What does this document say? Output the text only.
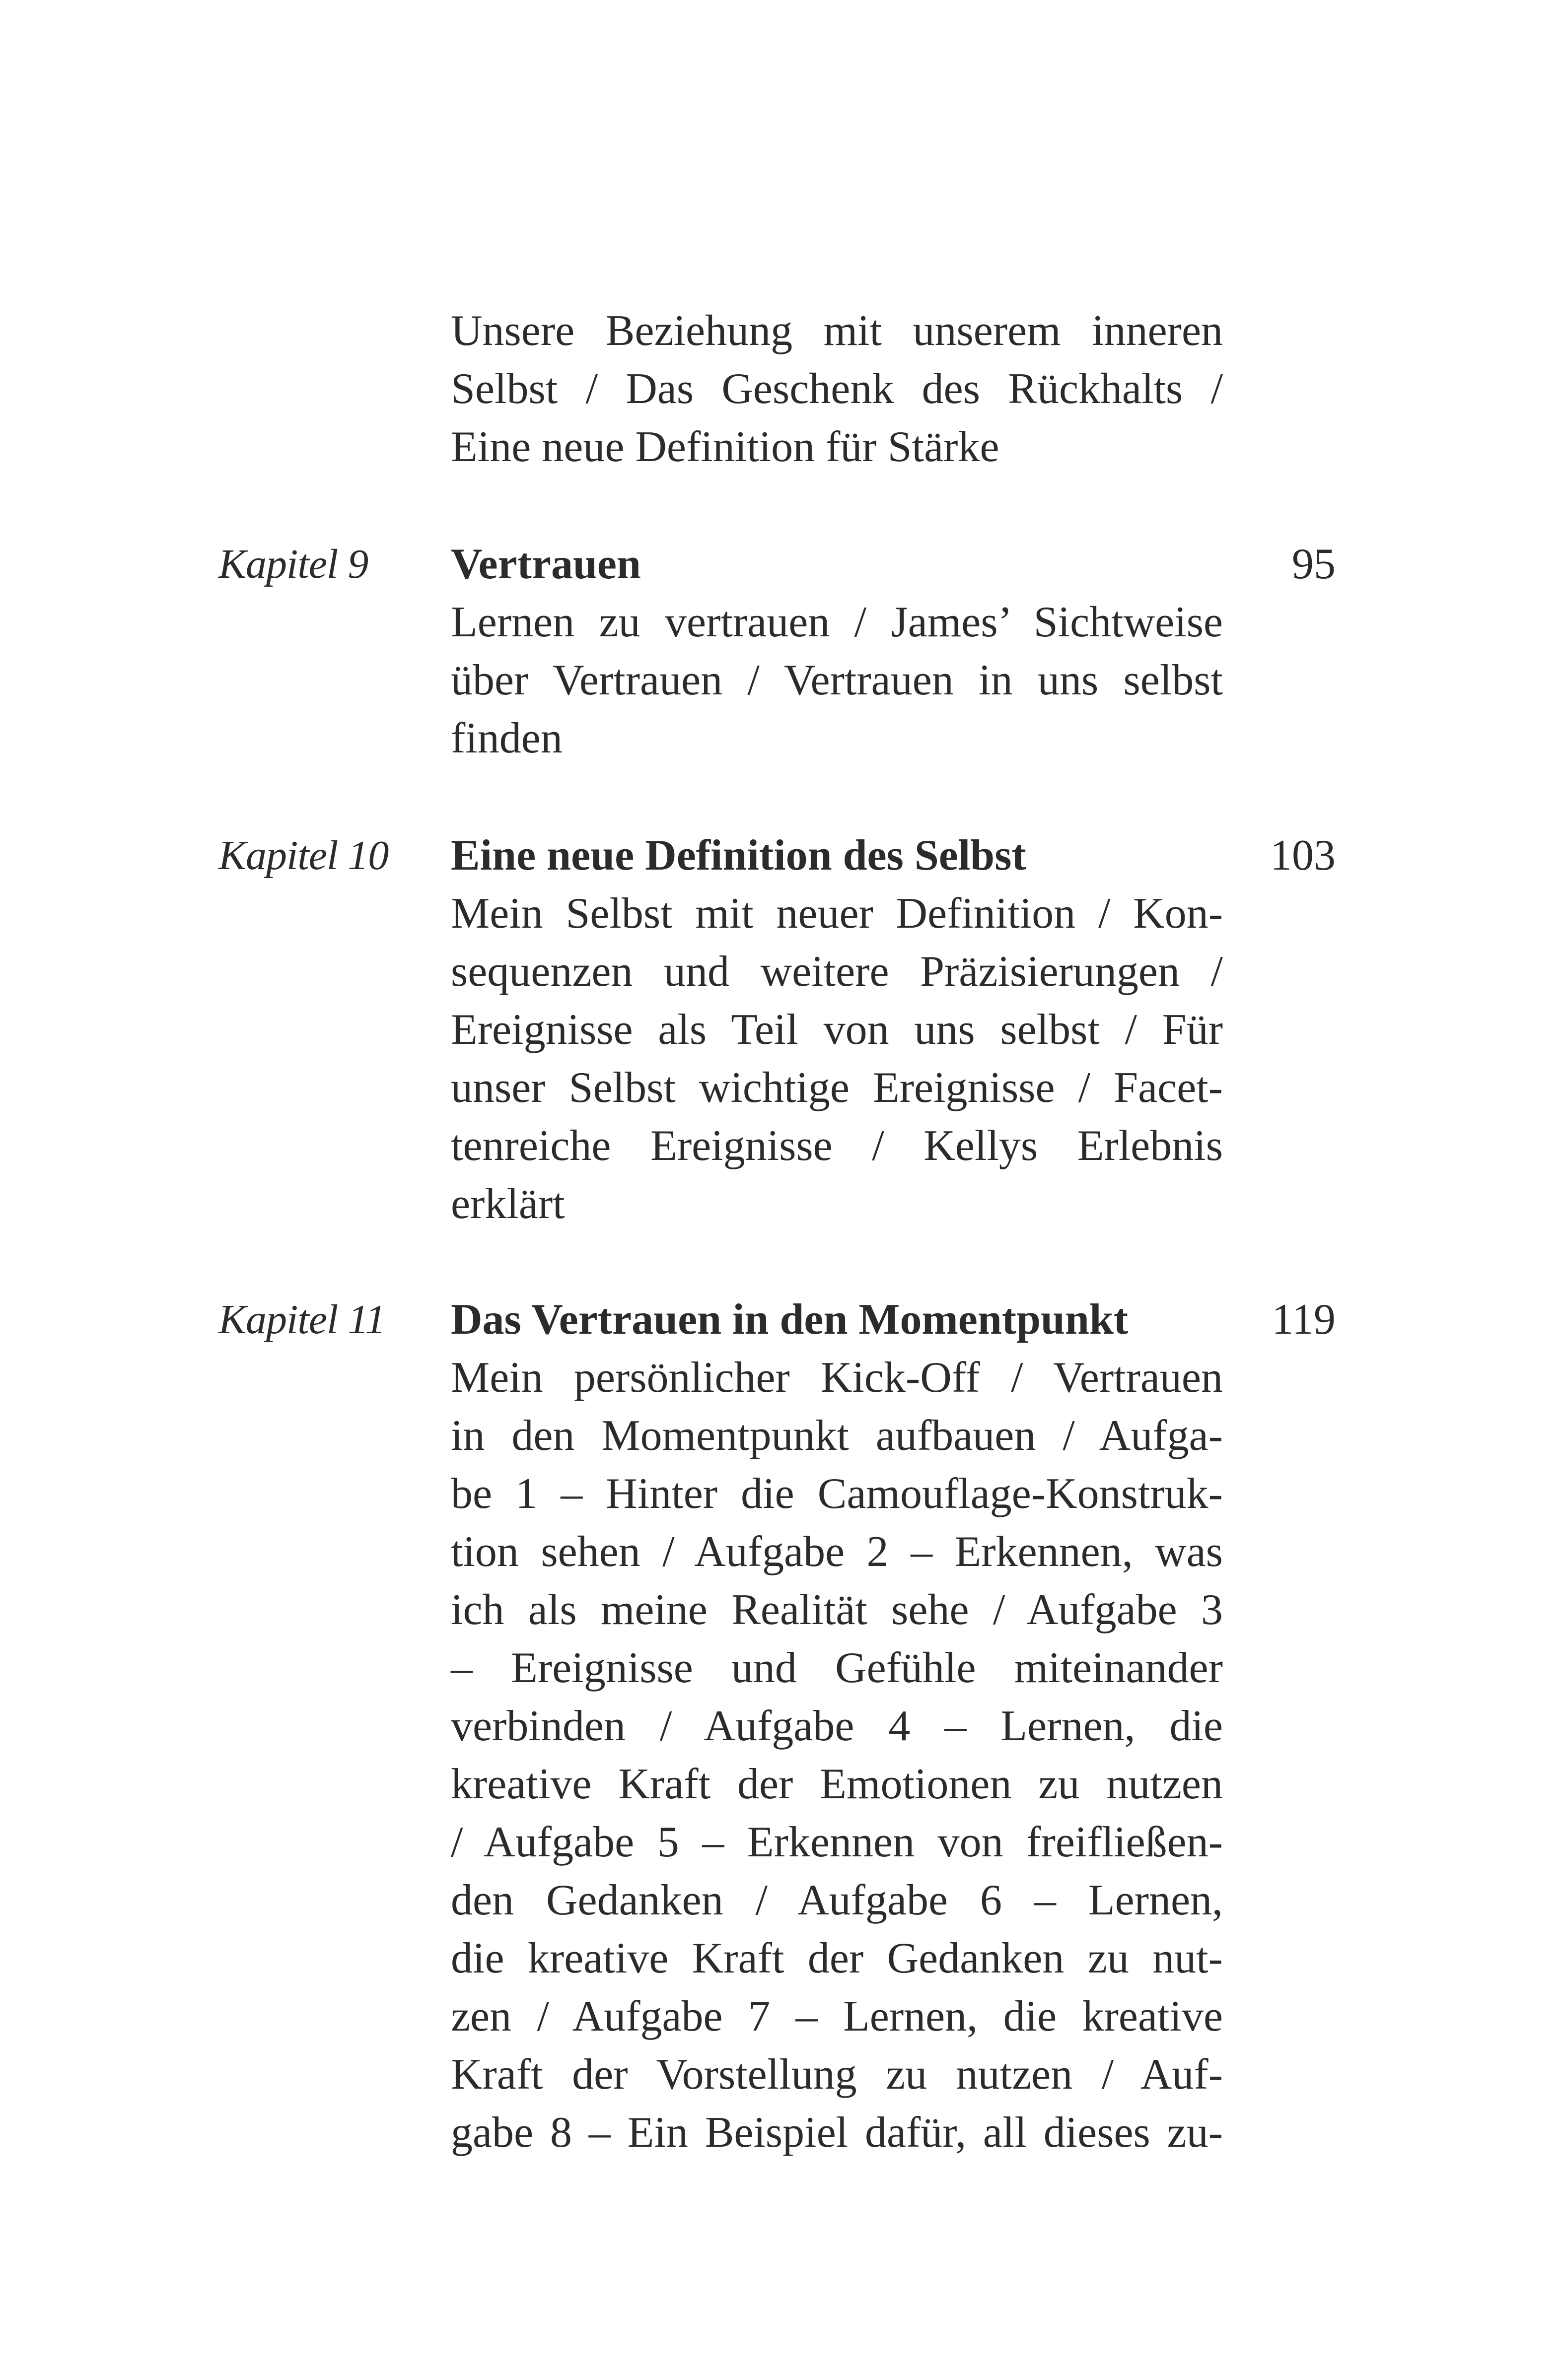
Unsere Beziehung mit unserem inneren
Selbst / Das Geschenk des Rückhalts /
Eine neue Definition für Stärke
Kapitel 9 Vertrauen	95
Lernen zu vertrauen / James’ Sichtweise
über Vertrauen / Vertrauen in uns selbst
finden
Kapitel 10 Eine neue Definition des Selbst	103
Mein Selbst mit neuer Definition / Kon-
sequenzen und weitere Präzisierungen /
Ereignisse als Teil von uns selbst / Für
unser Selbst wichtige Ereignisse / Facet-
tenreiche Ereignisse / Kellys Erlebnis
erklärt
Kapitel 11 Das Vertrauen in den Momentpunkt	119
Mein persönlicher Kick-Off / Vertrauen
in den Momentpunkt aufbauen / Aufga-
be 1 – Hinter die Camouflage-Konstruk-
tion sehen / Aufgabe 2 – Erkennen, was
ich als meine Realität sehe / Aufgabe 3
– Ereignisse und Gefühle miteinander
verbinden / Aufgabe 4 – Lernen, die
kreative Kraft der Emotionen zu nutzen
/ Aufgabe 5 – Erkennen von freifließen-
den Gedanken / Aufgabe 6 – Lernen,
die kreative Kraft der Gedanken zu nut-
zen / Aufgabe 7 – Lernen, die kreative
Kraft der Vorstellung zu nutzen / Auf-
gabe 8 – Ein Beispiel dafür, all dieses zu-
